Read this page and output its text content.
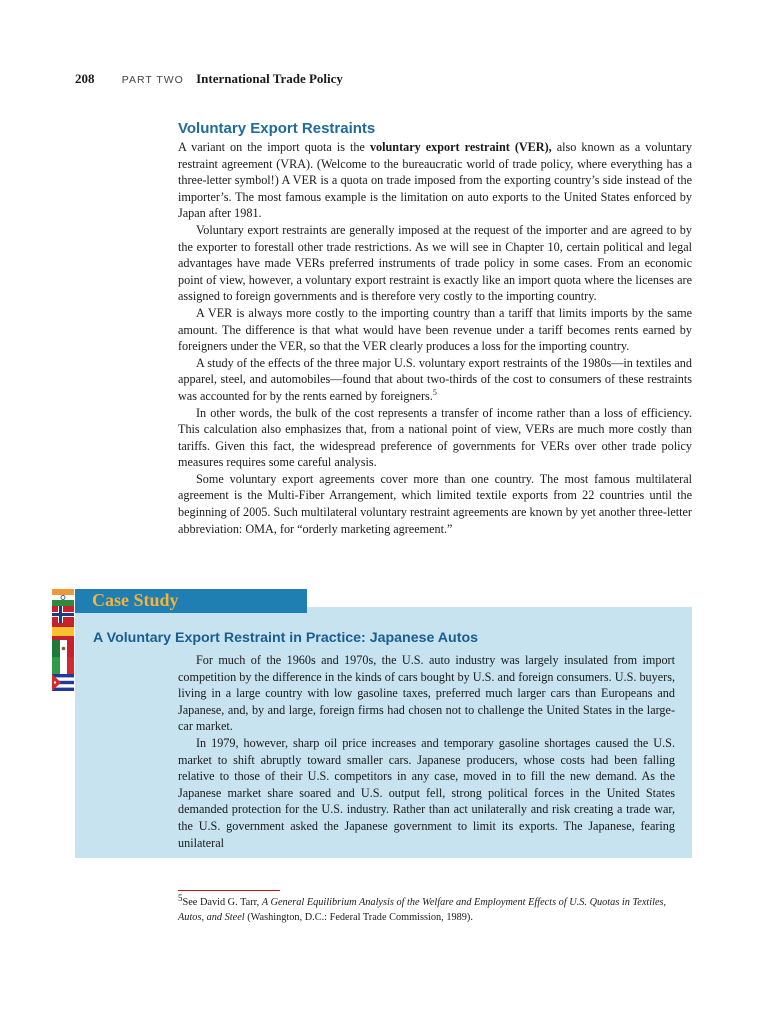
208	PART TWO International Trade Policy
Voluntary Export Restraints

A variant on the import quota is the voluntary export restraint (VER), also known as a voluntary restraint agreement (VRA). (Welcome to the bureaucratic world of trade policy, where everything has a three-letter symbol!) A VER is a quota on trade imposed from the exporting country’s side instead of the importer’s. The most famous example is the limitation on auto exports to the United States enforced by Japan after 1981.

Voluntary export restraints are generally imposed at the request of the importer and are agreed to by the exporter to forestall other trade restrictions. As we will see in Chapter 10, certain political and legal advantages have made VERs preferred instruments of trade policy in some cases. From an economic point of view, however, a voluntary export restraint is exactly like an import quota where the licenses are assigned to foreign governments and is therefore very costly to the importing country.

A VER is always more costly to the importing country than a tariff that limits imports by the same amount. The difference is that what would have been revenue under a tariff becomes rents earned by foreigners under the VER, so that the VER clearly produces a loss for the importing country.

A study of the effects of the three major U.S. voluntary export restraints of the 1980s—in textiles and apparel, steel, and automobiles—found that about two-thirds of the cost to consumers of these restraints was accounted for by the rents earned by foreigners.$^5$

In other words, the bulk of the cost represents a transfer of income rather than a loss of efficiency. This calculation also emphasizes that, from a national point of view, VERs are much more costly than tariffs. Given this fact, the widespread preference of governments for VERs over other trade policy measures requires some careful analysis.

Some voluntary export agreements cover more than one country. The most famous multilateral agreement is the Multi-Fiber Arrangement, which limited textile exports from 22 countries until the beginning of 2005. Such multilateral voluntary restraint agreements are known by yet another three-letter abbreviation: OMA, for “orderly marketing agreement.”

Case Study
A Voluntary Export Restraint in Practice: Japanese Autos

For much of the 1960s and 1970s, the U.S. auto industry was largely insulated from import competition by the difference in the kinds of cars bought by U.S. and foreign consumers. U.S. buyers, living in a large country with low gasoline taxes, preferred much larger cars than Europeans and Japanese, and, by and large, foreign firms had chosen not to challenge the United States in the large-car market.

In 1979, however, sharp oil price increases and temporary gasoline shortages caused the U.S. market to shift abruptly toward smaller cars. Japanese producers, whose costs had been falling relative to those of their U.S. competitors in any case, moved in to fill the new demand. As the Japanese market share soared and U.S. output fell, strong political forces in the United States demanded protection for the U.S. industry. Rather than act unilaterally and risk creating a trade war, the U.S. government asked the Japanese government to limit its exports. The Japanese, fearing unilateral

5See David G. Tarr, A General Equilibrium Analysis of the Welfare and Employment Effects of U.S. Quotas in Textiles, Autos, and Steel (Washington, D.C.: Federal Trade Commission, 1989).
